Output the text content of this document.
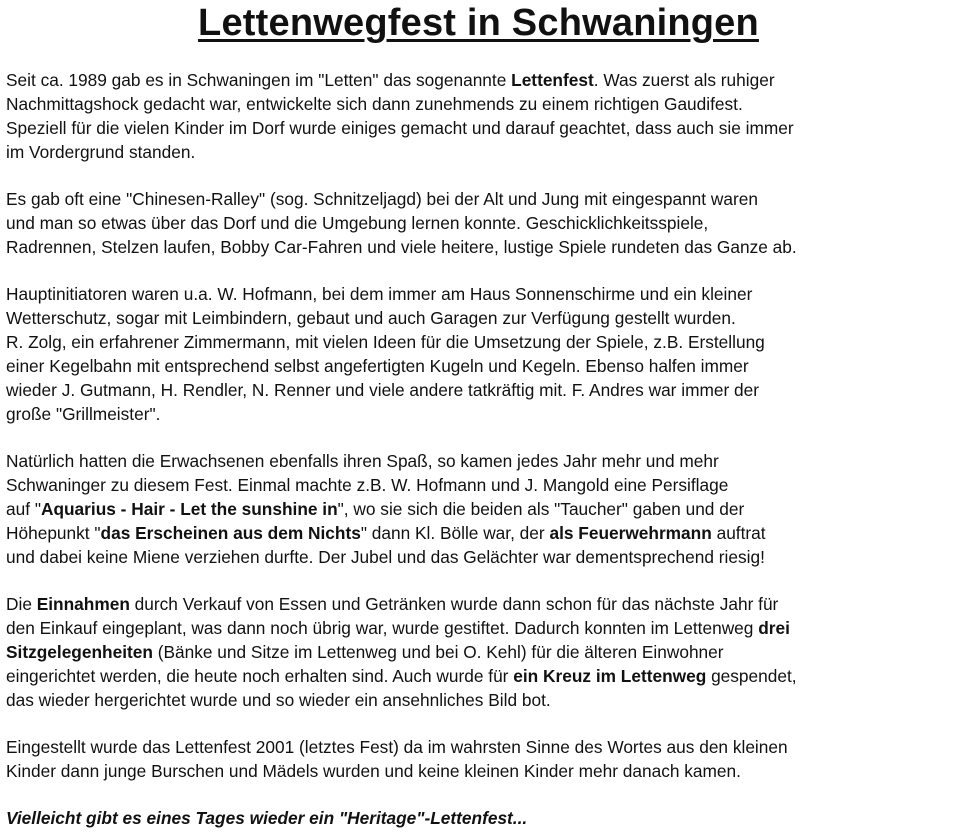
Lettenwegfest in Schwaningen

Seit ca. 1989 gab es in Schwaningen im "Letten" das sogenannte Lettenfest. Was zuerst als ruhiger
Nachmittagshock gedacht war, entwickelte sich dann zunehmends zu einem richtigen Gaudifest.
Speziell für die vielen Kinder im Dorf wurde einiges gemacht und darauf geachtet, dass auch sie immer
im Vordergrund standen.

Es gab oft eine "Chinesen-Ralley" (sog. Schnitzeljagd) bei der Alt und Jung mit eingespannt waren
und man so etwas über das Dorf und die Umgebung lernen konnte. Geschicklichkeitsspiele,
Radrennen, Stelzen laufen, Bobby Car-Fahren und viele heitere, lustige Spiele rundeten das Ganze ab.

Hauptinitiatoren waren u.a. W. Hofmann, bei dem immer am Haus Sonnenschirme und ein kleiner
Wetterschutz, sogar mit Leimbindern, gebaut und auch Garagen zur Verfügung gestellt wurden.
R. Zolg, ein erfahrener Zimmermann, mit vielen Ideen für die Umsetzung der Spiele, z.B. Erstellung
einer Kegelbahn mit entsprechend selbst angefertigten Kugeln und Kegeln. Ebenso halfen immer
wieder J. Gutmann, H. Rendler, N. Renner und viele andere tatkräftig mit. F. Andres war immer der
große "Grillmeister".

Natürlich hatten die Erwachsenen ebenfalls ihren Spaß, so kamen jedes Jahr mehr und mehr
Schwaninger zu diesem Fest. Einmal machte z.B. W. Hofmann und J. Mangold eine Persiflage
auf "Aquarius - Hair - Let the sunshine in", wo sie sich die beiden als "Taucher" gaben und der
Höhepunkt "das Erscheinen aus dem Nichts" dann Kl. Bölle war, der als Feuerwehrmann auftrat
und dabei keine Miene verziehen durfte. Der Jubel und das Gelächter war dementsprechend riesig!

Die Einnahmen durch Verkauf von Essen und Getränken wurde dann schon für das nächste Jahr für
den Einkauf eingeplant, was dann noch übrig war, wurde gestiftet. Dadurch konnten im Lettenweg drei
Sitzgelegenheiten (Bänke und Sitze im Lettenweg und bei O. Kehl) für die älteren Einwohner
eingerichtet werden, die heute noch erhalten sind. Auch wurde für ein Kreuz im Lettenweg gespendet,
das wieder hergerichtet wurde und so wieder ein ansehnliches Bild bot.

Eingestellt wurde das Lettenfest 2001 (letztes Fest) da im wahrsten Sinne des Wortes aus den kleinen
Kinder dann junge Burschen und Mädels wurden und keine kleinen Kinder mehr danach kamen.

Vielleicht gibt es eines Tages wieder ein "Heritage"-Lettenfest...
